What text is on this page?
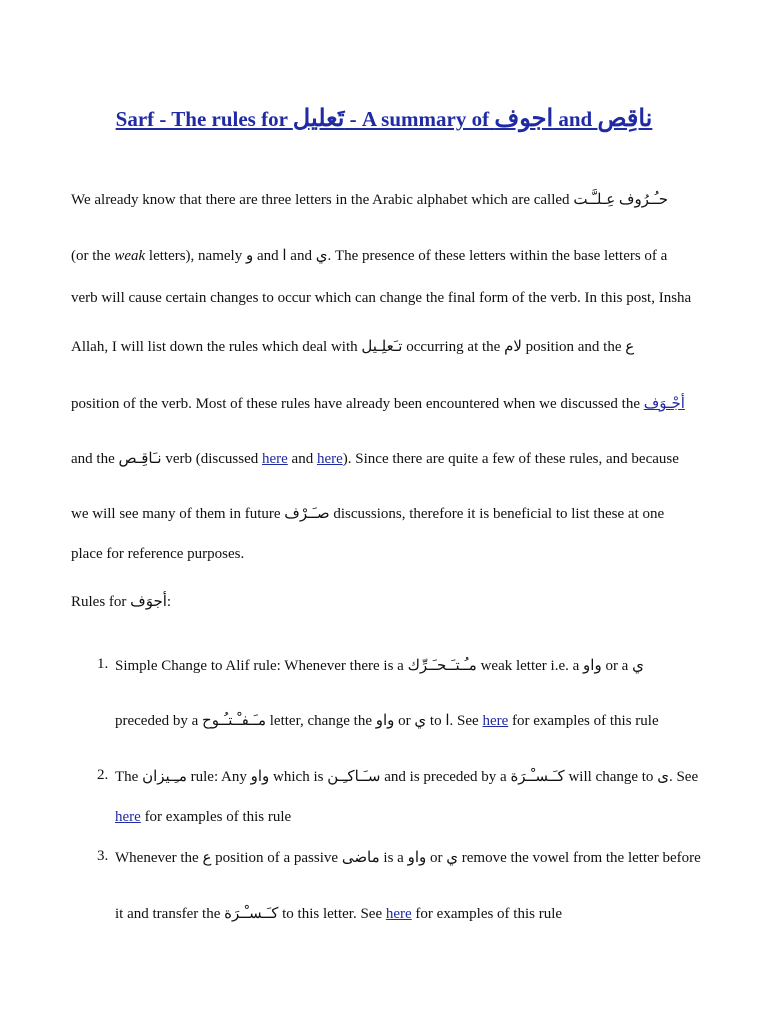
Sarf - The rules for تَعليل - A summary of اجوف and ناقِص
We already know that there are three letters in the Arabic alphabet which are called حـُـرُوف عِـلـَّـت
(or the weak letters), namely و and ا and ي. The presence of these letters within the base letters of a
verb will cause certain changes to occur which can change the final form of the verb. In this post, Insha
Allah, I will list down the rules which deal with تـَعلِـيل occurring at the لام position and the ع
position of the verb. Most of these rules have already been encountered when we discussed the أجْـوَف
and the نـَاقِـص verb (discussed here and here). Since there are quite a few of these rules, and because
we will see many of them in future صـَـرْف discussions, therefore it is beneficial to list these at one
place for reference purposes.
Rules for أجوَف:
1. Simple Change to Alif rule: Whenever there is a مـُـتـَـحـَـرِّك weak letter i.e. a واو or a ي
preceded by a مـَـفـْـتـُـوح letter, change the واو or ي to ا. See here for examples of this rule
2. The مـِـيزان rule: Any واو which is سـَـاكـِـن and is preceded by a كـَـسـْـرَة will change to ى. See
here for examples of this rule
3. Whenever the ع position of a passive ماضى is a واو or ي remove the vowel from the letter before
it and transfer the كـَـسـْـرَة to this letter. See here for examples of this rule
